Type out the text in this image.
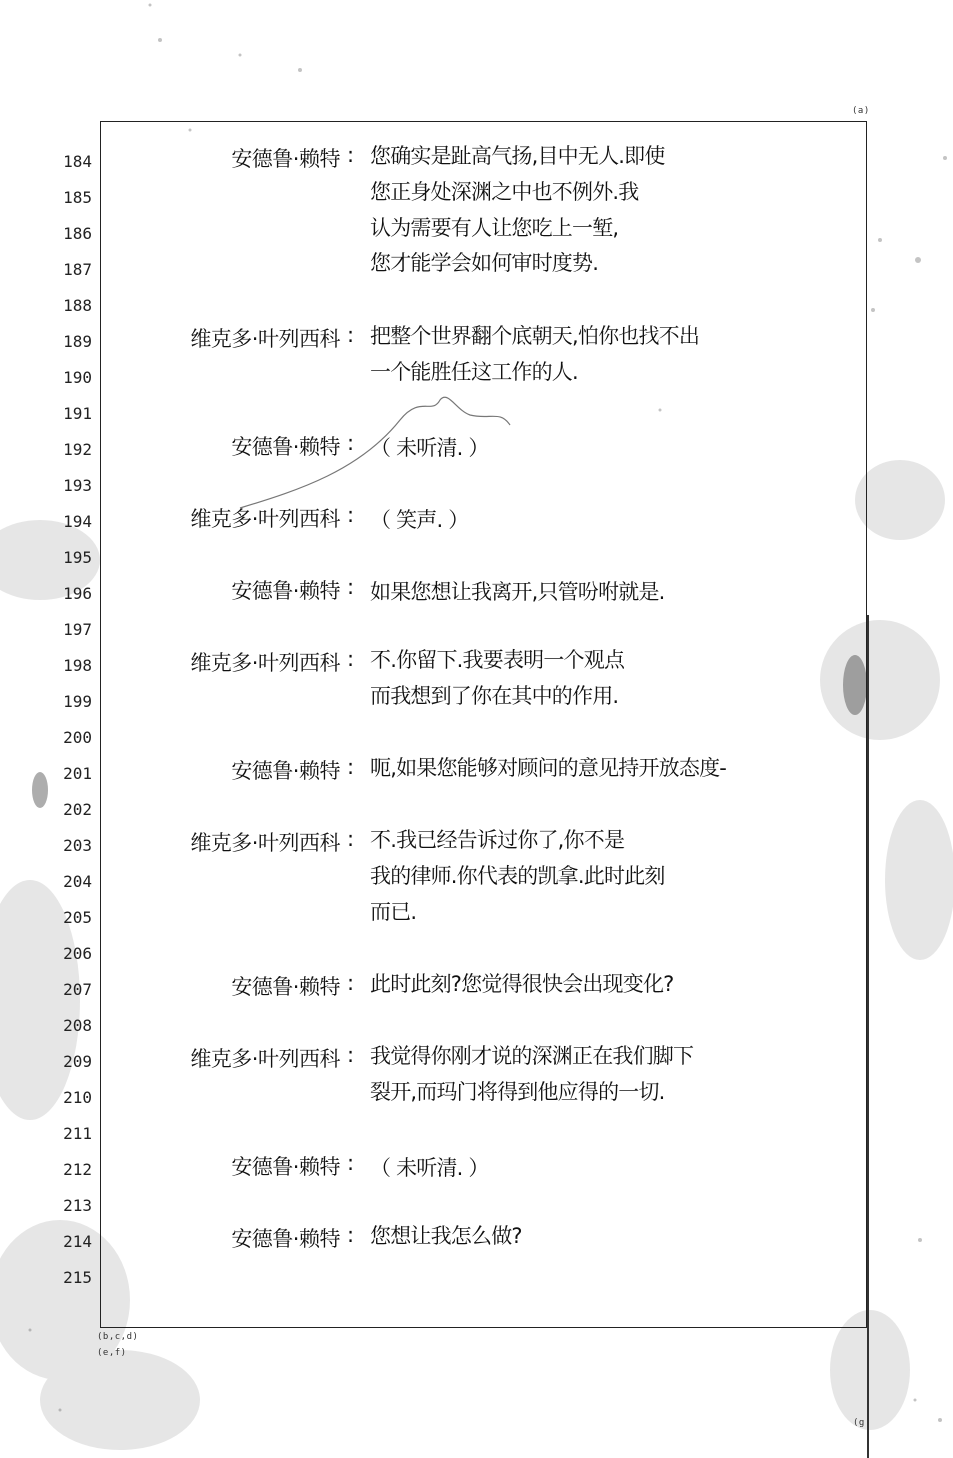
(a)
(b,c,d)
(e,f)
(g
184
185
186
187
188
189
190
191
192
193
194
195
196
197
198
199
200
201
202
203
204
205
206
207
208
209
210
211
212
213
214
215
安德鲁·赖特 : 您确实是趾高气扬,目中无人.即使
您正身处深渊之中也不例外.我
认为需要有人让您吃上一堑,
您才能学会如何审时度势.
维克多·叶列西科 : 把整个世界翻个底朝天,怕你也找不出
一个能胜任这工作的人.
安德鲁·赖特 : （ 未听清. ）
维克多·叶列西科 : （ 笑声. ）
安德鲁·赖特 : 如果您想让我离开,只管吩咐就是.
维克多·叶列西科 : 不.你留下.我要表明一个观点
而我想到了你在其中的作用.
安德鲁·赖特 : 呃,如果您能够对顾问的意见持开放态度-
维克多·叶列西科 : 不.我已经告诉过你了,你不是
我的律师.你代表的凯拿.此时此刻
而已.
安德鲁·赖特 : 此时此刻?您觉得很快会出现变化?
维克多·叶列西科 : 我觉得你刚才说的深渊正在我们脚下
裂开,而玛门将得到他应得的一切.
安德鲁·赖特 : （ 未听清. ）
安德鲁·赖特 : 您想让我怎么做?
